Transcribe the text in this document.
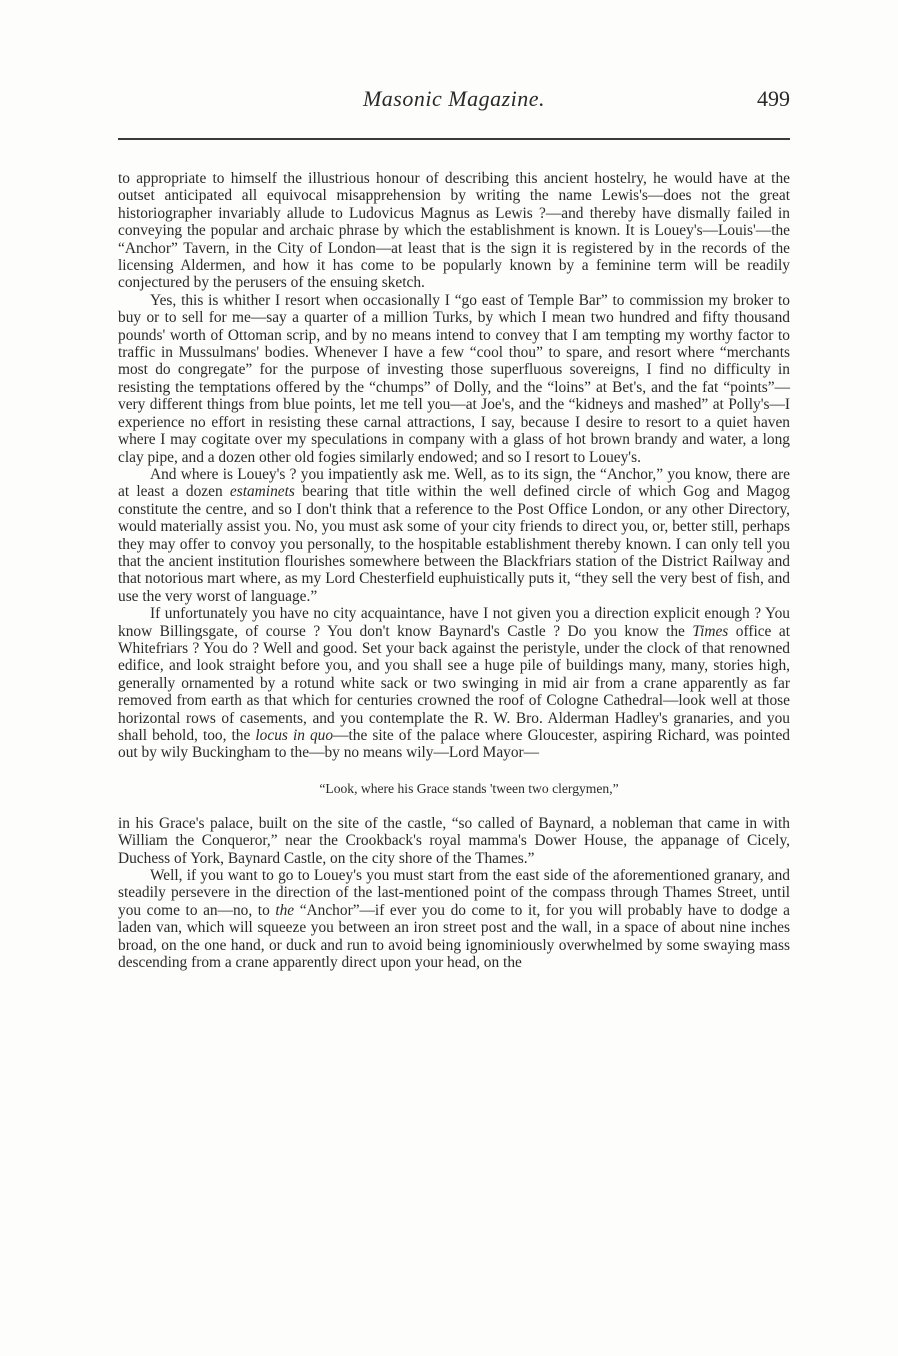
Masonic Magazine.	499

to appropriate to himself the illustrious honour of describing this ancient hostelry, he would have at the outset anticipated all equivocal misapprehension by writing the name Lewis's—does not the great historiographer invariably allude to Ludovicus Magnus as Lewis ?—and thereby have dismally failed in conveying the popular and archaic phrase by which the establishment is known. It is Louey's—Louis'—the “Anchor” Tavern, in the City of London—at least that is the sign it is registered by in the records of the licensing Aldermen, and how it has come to be popularly known by a feminine term will be readily conjectured by the perusers of the ensuing sketch.

Yes, this is whither I resort when occasionally I “go east of Temple Bar” to commission my broker to buy or to sell for me—say a quarter of a million Turks, by which I mean two hundred and fifty thousand pounds' worth of Ottoman scrip, and by no means intend to convey that I am tempting my worthy factor to traffic in Mussulmans' bodies. Whenever I have a few “cool thou” to spare, and resort where “merchants most do congregate” for the purpose of investing those superfluous sovereigns, I find no difficulty in resisting the temptations offered by the “chumps” of Dolly, and the “loins” at Bet's, and the fat “points”—very different things from blue points, let me tell you—at Joe's, and the “kidneys and mashed” at Polly's—I experience no effort in resisting these carnal attractions, I say, because I desire to resort to a quiet haven where I may cogitate over my speculations in company with a glass of hot brown brandy and water, a long clay pipe, and a dozen other old fogies similarly endowed; and so I resort to Louey's.

And where is Louey's ? you impatiently ask me. Well, as to its sign, the “Anchor,” you know, there are at least a dozen estaminets bearing that title within the well defined circle of which Gog and Magog constitute the centre, and so I don't think that a reference to the Post Office London, or any other Directory, would materially assist you. No, you must ask some of your city friends to direct you, or, better still, perhaps they may offer to convoy you personally, to the hospitable establishment thereby known. I can only tell you that the ancient institution flourishes somewhere between the Blackfriars station of the District Railway and that notorious mart where, as my Lord Chesterfield euphuistically puts it, “they sell the very best of fish, and use the very worst of language.”

If unfortunately you have no city acquaintance, have I not given you a direction explicit enough ? You know Billingsgate, of course ? You don't know Baynard's Castle ? Do you know the Times office at Whitefriars ? You do ? Well and good. Set your back against the peristyle, under the clock of that renowned edifice, and look straight before you, and you shall see a huge pile of buildings many, many, stories high, generally ornamented by a rotund white sack or two swinging in mid air from a crane apparently as far removed from earth as that which for centuries crowned the roof of Cologne Cathedral—look well at those horizontal rows of casements, and you contemplate the R. W. Bro. Alderman Hadley's granaries, and you shall behold, too, the locus in quo—the site of the palace where Gloucester, aspiring Richard, was pointed out by wily Buckingham to the—by no means wily—Lord Mayor—

“Look, where his Grace stands 'tween two clergymen,”

in his Grace's palace, built on the site of the castle, “so called of Baynard, a nobleman that came in with William the Conqueror,” near the Crookback's royal mamma's Dower House, the appanage of Cicely, Duchess of York, Baynard Castle, on the city shore of the Thames.”

Well, if you want to go to Louey's you must start from the east side of the aforementioned granary, and steadily persevere in the direction of the last-mentioned point of the compass through Thames Street, until you come to an—no, to the “Anchor”—if ever you do come to it, for you will probably have to dodge a laden van, which will squeeze you between an iron street post and the wall, in a space of about nine inches broad, on the one hand, or duck and run to avoid being ignominiously overwhelmed by some swaying mass descending from a crane apparently direct upon your head, on the
